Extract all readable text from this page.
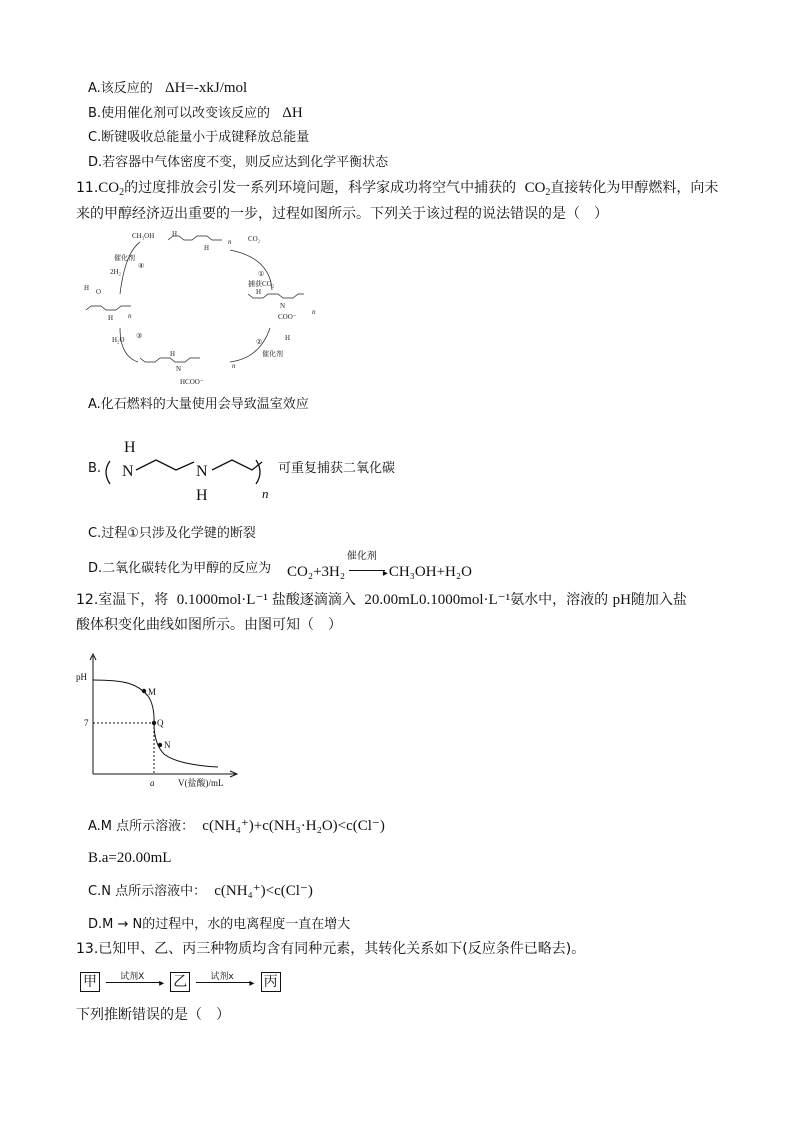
A.该反应的 ΔH=-xkJ/mol
B.使用催化剂可以改变该反应的 ΔH
C.断键吸收总能量小于成键释放总能量
D.若容器中气体密度不变，则反应达到化学平衡状态
$11.CO_2$的过度排放会引发一系列环境问题，科学家成功将空气中捕获的 $CO_2$直接转化为甲醇燃料，向未
来的甲醇经济迈出重要的一步，过程如图所示。下列关于该过程的说法错误的是（　）
CH₃OH	H
H
n CO₂
①
捕获CO₂
H
N
COO⁻
n
H
②
催化剂
H
N
HCOO⁻
n
H₂O ③
H O
H n
催化剂
2H₂
④
A.化石燃料的大量使用会导致温室效应
B.
H
N	N
H	n
可重复捕获二氧化碳
C.过程①只涉及化学键的断裂
D.二氧化碳转化为甲醇的反应为 CO₂+3H₂
催化剂
▸ CH₃OH+H₂O
12.室温下，将 0.1000mol·L⁻¹ 盐酸逐滴滴入 20.00mL0.1000mol·L⁻¹氨水中，溶液的 pH随加入盐
酸体积变化曲线如图所示。由图可知（　）
pH
7
a	V(盐酸)/mL
M
Q
N
A.M 点所示溶液： c(NH₄⁺)+c(NH₃·H₂O)<c(Cl⁻)
B.a=20.00mL
C.N 点所示溶液中： c(NH₄⁺)<c(Cl⁻)
D.M → N的过程中，水的电离程度一直在增大
13.已知甲、乙、丙三种物质均含有同种元素，其转化关系如下(反应条件已略去)。
甲	试剂X
▸ 乙	试剂x
▸ 丙
下列推断错误的是（　）
